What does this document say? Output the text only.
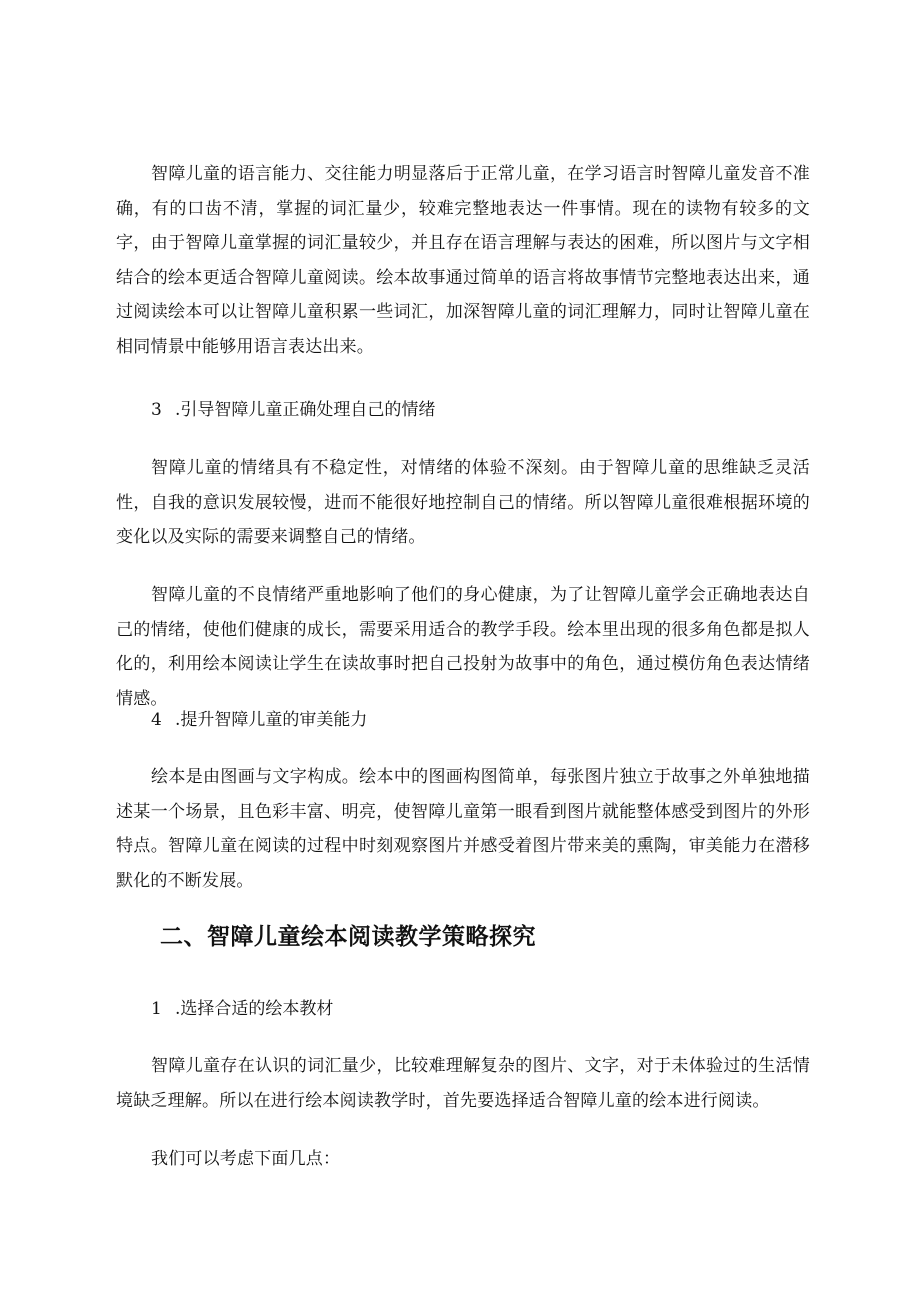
智障儿童的语言能力、交往能力明显落后于正常儿童，在学习语言时智障儿童发音不准确，有的口齿不清，掌握的词汇量少，较难完整地表达一件事情。现在的读物有较多的文字，由于智障儿童掌握的词汇量较少，并且存在语言理解与表达的困难，所以图片与文字相结合的绘本更适合智障儿童阅读。绘本故事通过简单的语言将故事情节完整地表达出来，通过阅读绘本可以让智障儿童积累一些词汇，加深智障儿童的词汇理解力，同时让智障儿童在相同情景中能够用语言表达出来。

3 .引导智障儿童正确处理自己的情绪

智障儿童的情绪具有不稳定性，对情绪的体验不深刻。由于智障儿童的思维缺乏灵活性，自我的意识发展较慢，进而不能很好地控制自己的情绪。所以智障儿童很难根据环境的变化以及实际的需要来调整自己的情绪。

智障儿童的不良情绪严重地影响了他们的身心健康，为了让智障儿童学会正确地表达自己的情绪，使他们健康的成长，需要采用适合的教学手段。绘本里出现的很多角色都是拟人化的，利用绘本阅读让学生在读故事时把自己投射为故事中的角色，通过模仿角色表达情绪情感。

4 .提升智障儿童的审美能力

绘本是由图画与文字构成。绘本中的图画构图简单，每张图片独立于故事之外单独地描述某一个场景，且色彩丰富、明亮，使智障儿童第一眼看到图片就能整体感受到图片的外形特点。智障儿童在阅读的过程中时刻观察图片并感受着图片带来美的熏陶，审美能力在潜移默化的不断发展。

二、智障儿童绘本阅读教学策略探究
1 .选择合适的绘本教材

智障儿童存在认识的词汇量少，比较难理解复杂的图片、文字，对于未体验过的生活情境缺乏理解。所以在进行绘本阅读教学时，首先要选择适合智障儿童的绘本进行阅读。

我们可以考虑下面几点：
